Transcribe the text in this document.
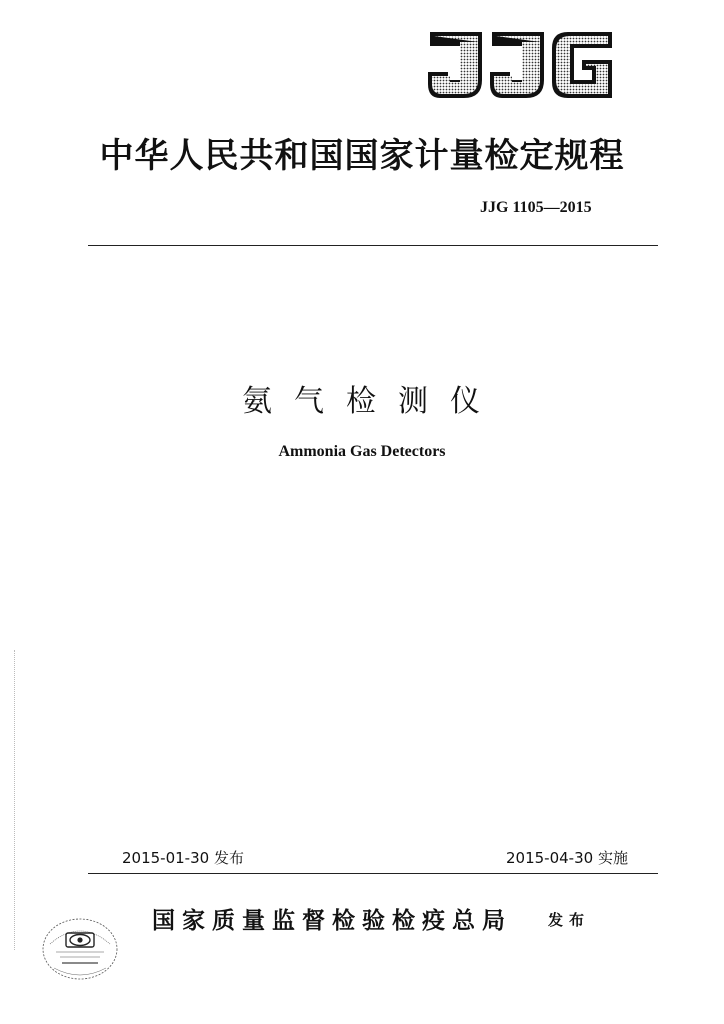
中华人民共和国国家计量检定规程
JJG 1105—2015
氨气检测仪
Ammonia Gas Detectors
2015-01-30 发布	2015-04-30 实施
国家质量监督检验检疫总局 发布
